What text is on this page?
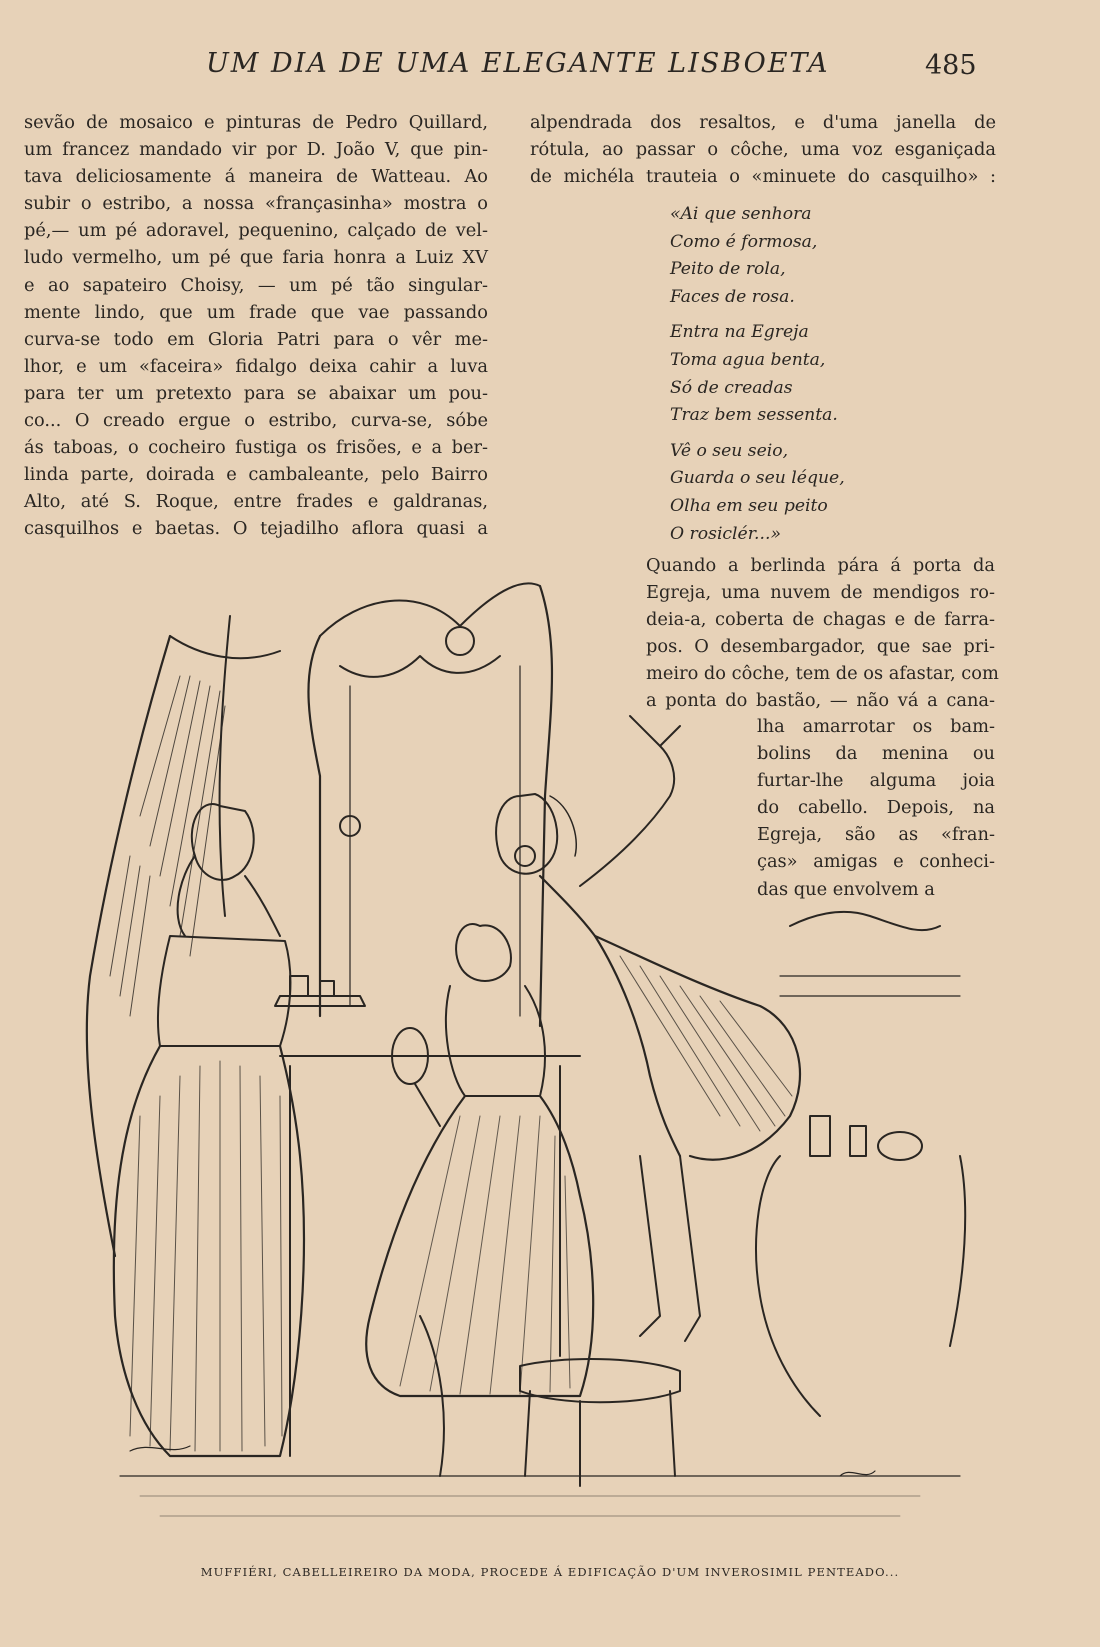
UM DIA DE UMA ELEGANTE LISBOETA	485
sevão de mosaico e pinturas de Pedro Quillard,
um francez mandado vir por D. João V, que pin-
tava deliciosamente á maneira de Watteau. Ao
subir o estribo, a nossa «françasinha» mostra o
pé,— um pé adoravel, pequenino, calçado de vel-
ludo vermelho, um pé que faria honra a Luiz XV
e ao sapateiro Choisy, — um pé tão singular-
mente lindo, que um frade que vae passando
curva-se todo em Gloria Patri para o vêr me-
lhor, e um «faceira» fidalgo deixa cahir a luva
para ter um pretexto para se abaixar um pou-
co... O creado ergue o estribo, curva-se, sóbe
ás taboas, o cocheiro fustiga os frisões, e a ber-
linda parte, doirada e cambaleante, pelo Bairro
Alto, até S. Roque, entre frades e galdranas,
casquilhos e baetas. O tejadilho aflora quasi a
alpendrada dos resaltos, e d'uma janella de
rótula, ao passar o côche, uma voz esganiçada
de michéla trauteia o «minuete do casquilho» :
«Ai que senhora
Como é formosa,
Peito de rola,
Faces de rosa.
Entra na Egreja
Toma agua benta,
Só de creadas
Traz bem sessenta.
Vê o seu seio,
Guarda o seu léque,
Olha em seu peito
O rosiclér...»
Quando a berlinda pára á porta da
Egreja, uma nuvem de mendigos ro-
deia-a, coberta de chagas e de farra-
pos. O desembargador, que sae pri-
meiro do côche, tem de os afastar, com
a ponta do bastão, — não vá a cana-
lha amarrotar os bam-
bolins da menina ou
furtar-lhe alguma joia
do cabello. Depois, na
Egreja, são as «fran-
ças» amigas e conheci-
das que envolvem a
MUFFIÉRI, CABELLEIREIRO DA MODA, PROCEDE Á EDIFICAÇÃO D'UM INVEROSIMIL PENTEADO...
